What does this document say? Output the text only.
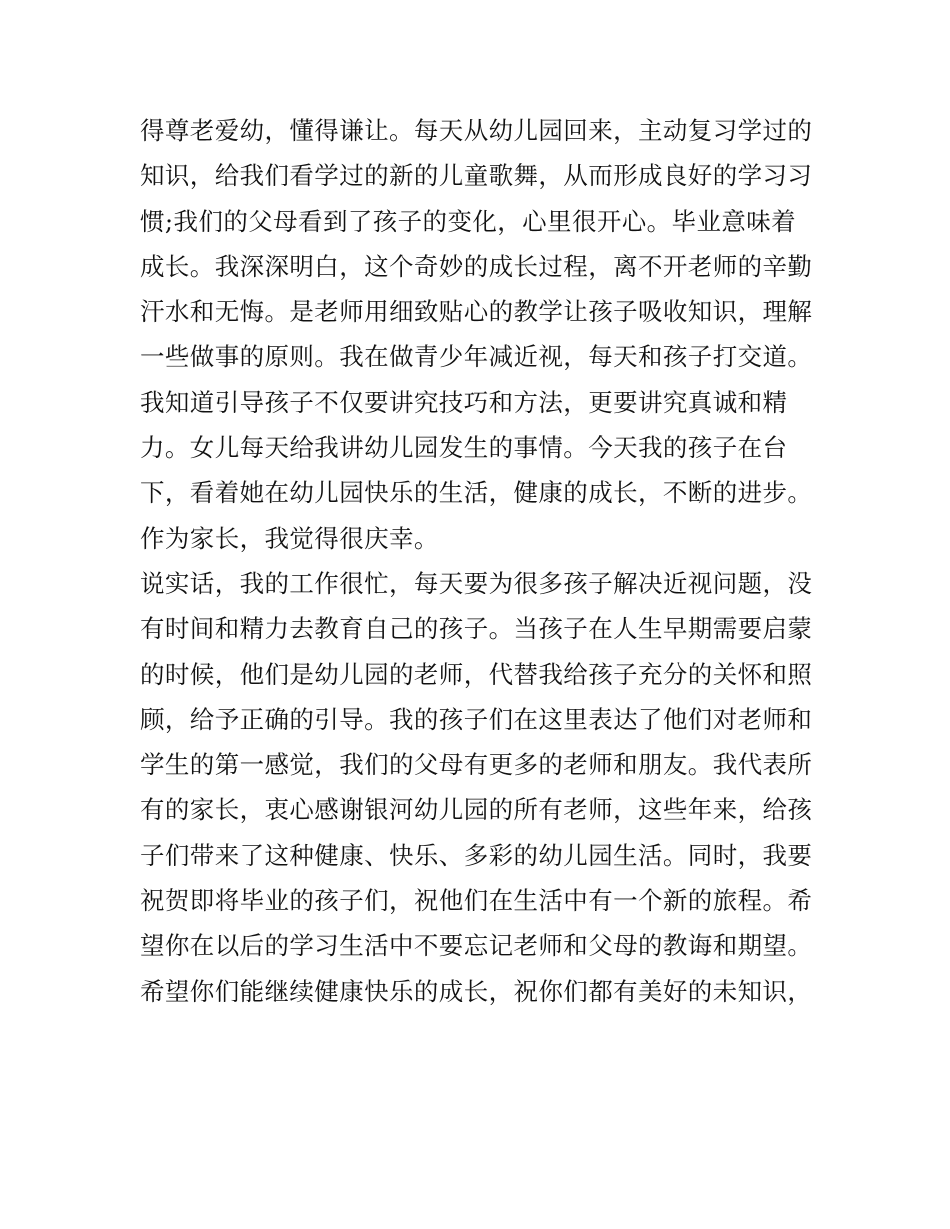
得尊老爱幼，懂得谦让。每天从幼儿园回来，主动复习学过的
知识，给我们看学过的新的儿童歌舞，从而形成良好的学习习
惯;我们的父母看到了孩子的变化，心里很开心。毕业意味着
成长。我深深明白，这个奇妙的成长过程，离不开老师的辛勤
汗水和无悔。是老师用细致贴心的教学让孩子吸收知识，理解
一些做事的原则。我在做青少年减近视，每天和孩子打交道。
我知道引导孩子不仅要讲究技巧和方法，更要讲究真诚和精
力。女儿每天给我讲幼儿园发生的事情。今天我的孩子在台
下，看着她在幼儿园快乐的生活，健康的成长，不断的进步。
作为家长，我觉得很庆幸。
说实话，我的工作很忙，每天要为很多孩子解决近视问题，没
有时间和精力去教育自己的孩子。当孩子在人生早期需要启蒙
的时候，他们是幼儿园的老师，代替我给孩子充分的关怀和照
顾，给予正确的引导。我的孩子们在这里表达了他们对老师和
学生的第一感觉，我们的父母有更多的老师和朋友。我代表所
有的家长，衷心感谢银河幼儿园的所有老师，这些年来，给孩
子们带来了这种健康、快乐、多彩的幼儿园生活。同时，我要
祝贺即将毕业的孩子们，祝他们在生活中有一个新的旅程。希
望你在以后的学习生活中不要忘记老师和父母的教诲和期望。
希望你们能继续健康快乐的成长，祝你们都有美好的未知识，
